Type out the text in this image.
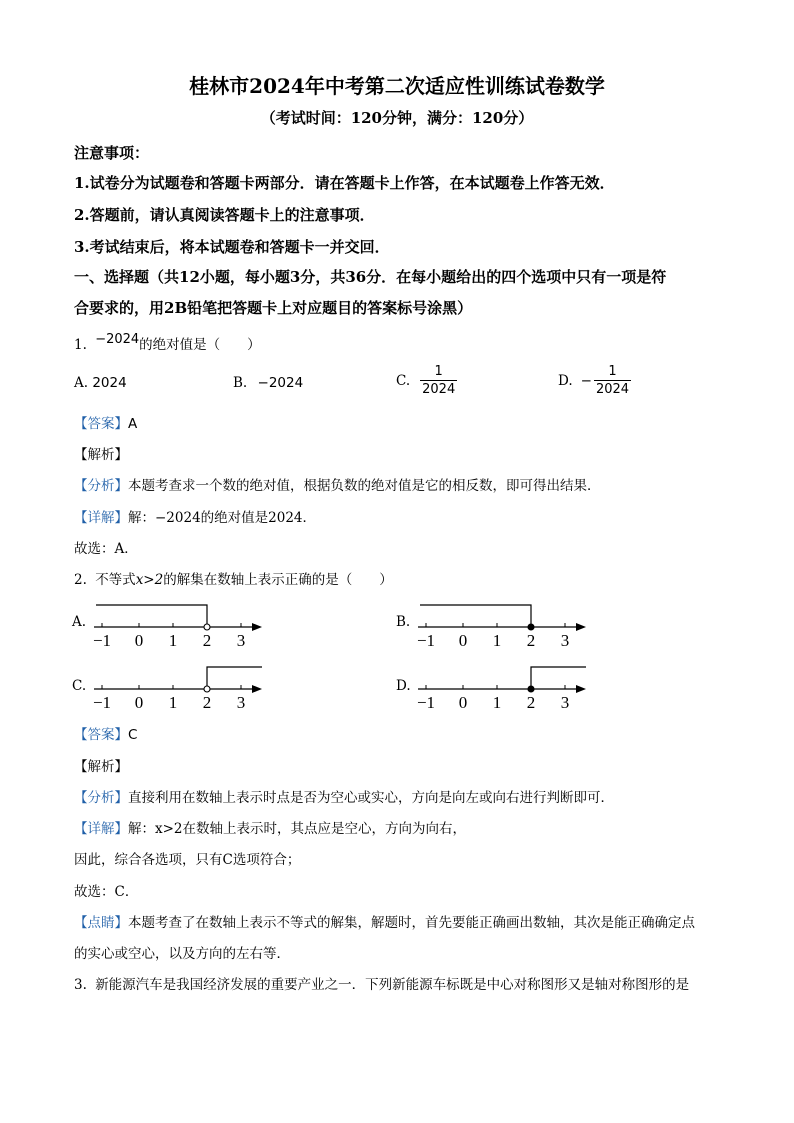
桂林市2024年中考第二次适应性训练试卷数学
（考试时间：120分钟，满分：120分）
注意事项：
1.试卷分为试题卷和答题卡两部分．请在答题卡上作答，在本试题卷上作答无效．
2.答题前，请认真阅读答题卡上的注意事项．
3.考试结束后，将本试题卷和答题卡一并交回．
一、选择题（共12小题，每小题3分，共36分．在每小题给出的四个选项中只有一项是符
合要求的，用2B铅笔把答题卡上对应题目的答案标号涂黑）
1. −2024的绝对值是（　　）
A. 2024	B. −2024	C. $\frac{1}{2024}$	D. − $\frac{1}{2024}$
【答案】A
【解析】
【分析】本题考查求一个数的绝对值，根据负数的绝对值是它的相反数，即可得出结果．
【详解】解：−2024的绝对值是2024．
故选：A．
2. 不等式x>2的解集在数轴上表示正确的是（　　）
A.
−1 0 1 2 3
B.
−1 0 1 2 3
C.
−1 0 1 2 3
D.
−1 0 1 2 3
【答案】C
【解析】
【分析】直接利用在数轴上表示时点是否为空心或实心，方向是向左或向右进行判断即可．
【详解】解：x>2在数轴上表示时，其点应是空心，方向为向右，
因此，综合各选项，只有C选项符合；
故选：C．
【点睛】本题考查了在数轴上表示不等式的解集，解题时，首先要能正确画出数轴，其次是能正确确定点
的实心或空心，以及方向的左右等．
3. 新能源汽车是我国经济发展的重要产业之一．下列新能源车标既是中心对称图形又是轴对称图形的是
